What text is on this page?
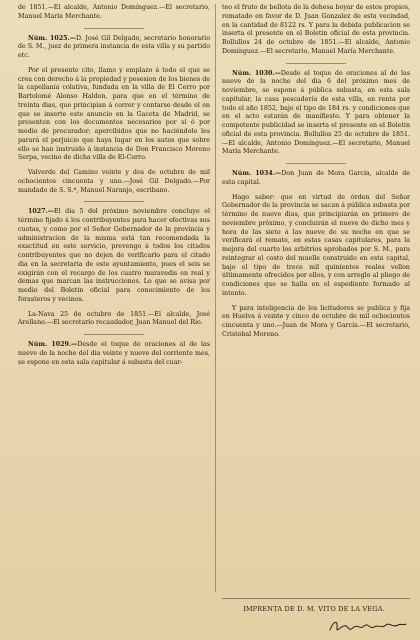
de 1851.—El alcalde, Antonio Domínguez.—El secretario, Manuel María Merchante.

Núm. 1025.—D. José Gil Delgado, secretario honorario de S. M., juez de primera instancia de esta villa y su partido etc.

Por el presente cito, llamo y emplazo á todo el que se crea con derecho á la propiedad y posesion de los bienes de la capellanía colativa, fundada en la villa de El Cerro por Bartolomé Alonso Haldon, para que en el término de treinta dias, que principian á correr y contarse desde el en que se inserte este anuncio en la Gaceta de Madrid, se presenten con los documentos necesarios por sí ó por medio de procurador; apercibidos que no haciéndolo les parará el perjuicio que haya lugar en los autos que sobre ello se han instruido á instancia de Don Francisco Moreno Serpa, vecino de dicha villa de El-Cerro.

Valverde del Camino veinte y dos de octubre de mil ochocientos cincuenta y uno.—José Gil Delgado.—Por mandado de S. S.ª, Manuel Naranjo, escribano.

1027.—El dia 5 del próximo noviembre concluye el término fijado á los contribuyentes para hacer efectivas sus cuotas, y como por el Señor Gobernador de la provincia y administracion de la misma está tan recomendada la exactitud en este servicio, prevengo á todos los citados contribuyentes que no dejen de verificarlo para el citado dia en la secretaria de este ayuntamiento, pues el seis se exigirán con el recargo de los cuatro maravedis en real y demas que marcan las instrucciones. Lo que se avisa por medio del Boletin oficial para conocimiento de los forasteros y vecinos.

La-Nava 25 de octubre de 1851.—El alcalde, José Arellano.—El secretario recaudador, Juan Manuel del Rio.

Núm. 1029.—Desde el toque de oraciones al de las nueve de la noche del dia veinte y nueve del corriente mes, se espone en esta sala capitular á subasta del cuar-

teo el fruto de bellota de la dehesa boyar de estos propios, rematado en favor de D. Juan Gonzalez de esta vecindad, en la cantidad de 8122 rs. Y para la debida publicacion se inserta el presente en el Boletin oficial de esta provincia. Bollullos 24 de octubre de 1851.—El alcalde, Antonio Domínguez.—El secretario, Manuel María Merchante.

Núm. 1030.—Desde el toque de oraciones al de las nueve de la noche del dia 6 del próximo mes de noviembre, se espone á pública subasta, en esta sala capitular, la casa pescadería de esta villa, en renta por todo el año 1852, bajo el tipo de 184 rs. y condiciones que en el acto estarán de manifiesto. Y para obtener la competente publicidad se inserta el presente en el Boletin oficial de esta provincia. Bollullos 25 de octubre de 1851.—El alcalde, Antonio Domínguez.—El secretario, Manuel María Merchante.

Núm. 1034.—Don Juan de Mora García, alcalde de esta capital.

Hago saber: que en virtud de órden del Señor Gobernador de la provincia se sacan á pública subasta por término de nueve dias, que principiarán en primero de noviembre próximo, y concluirán el nueve de dicho mes y hora de las siete á las nueve de su noche en que se verificará el remate, en estas casas capitulares, para la mejora del cuarto los arbitrios aprobados por S. M., para reintegrar el costo del muelle construido en esta capital, bajo el tipo de trece mil quinientos reales vellon últimamente ofrecidos por ellos, y con arreglo al pliego de condiciones que se halla en el espediente formado al intento.

Y para inteligencia de los licitadores se publica y fija en Huelva á veinte y cinco de octubre de mil ochocientos cincuenta y uno.—Juan de Mora y García.—El secretario, Cristobal Moreno.

IMPRENTA DE D. M. VITO DE LA VEGA.
